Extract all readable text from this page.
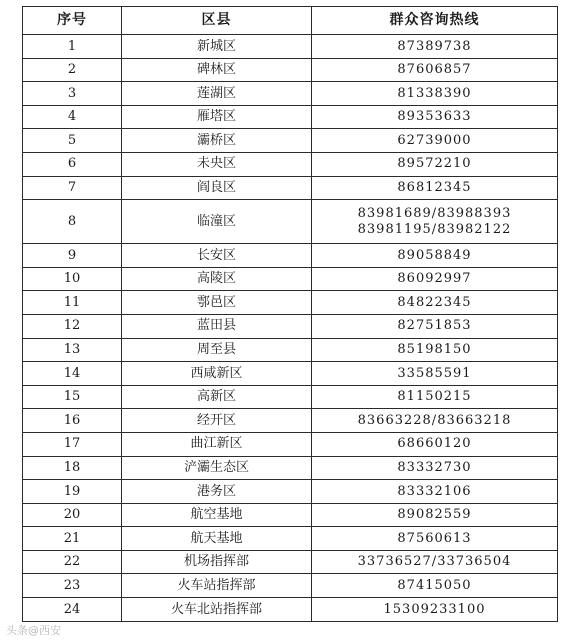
序号	区县	群众咨询热线
1	新城区	87389738

2	碑林区	87606857

3	莲湖区	81338390

4	雁塔区	89353633

5	灞桥区	62739000

6	未央区	89572210

7	阎良区	86812345

8	临潼区	83981689/83988393
83981195/83982122

9	长安区	89058849

10	高陵区	86092997

11	鄠邑区	84822345

12	蓝田县	82751853

13	周至县	85198150

14	西咸新区	33585591

15	高新区	81150215

16	经开区	83663228/83663218

17	曲江新区	68660120

18	浐灞生态区	83332730

19	港务区	83332106

20	航空基地	89082559

21	航天基地	87560613

22	机场指挥部	33736527/33736504

23	火车站指挥部	87415050

24	火车北站指挥部	15309233100
头条@西安
